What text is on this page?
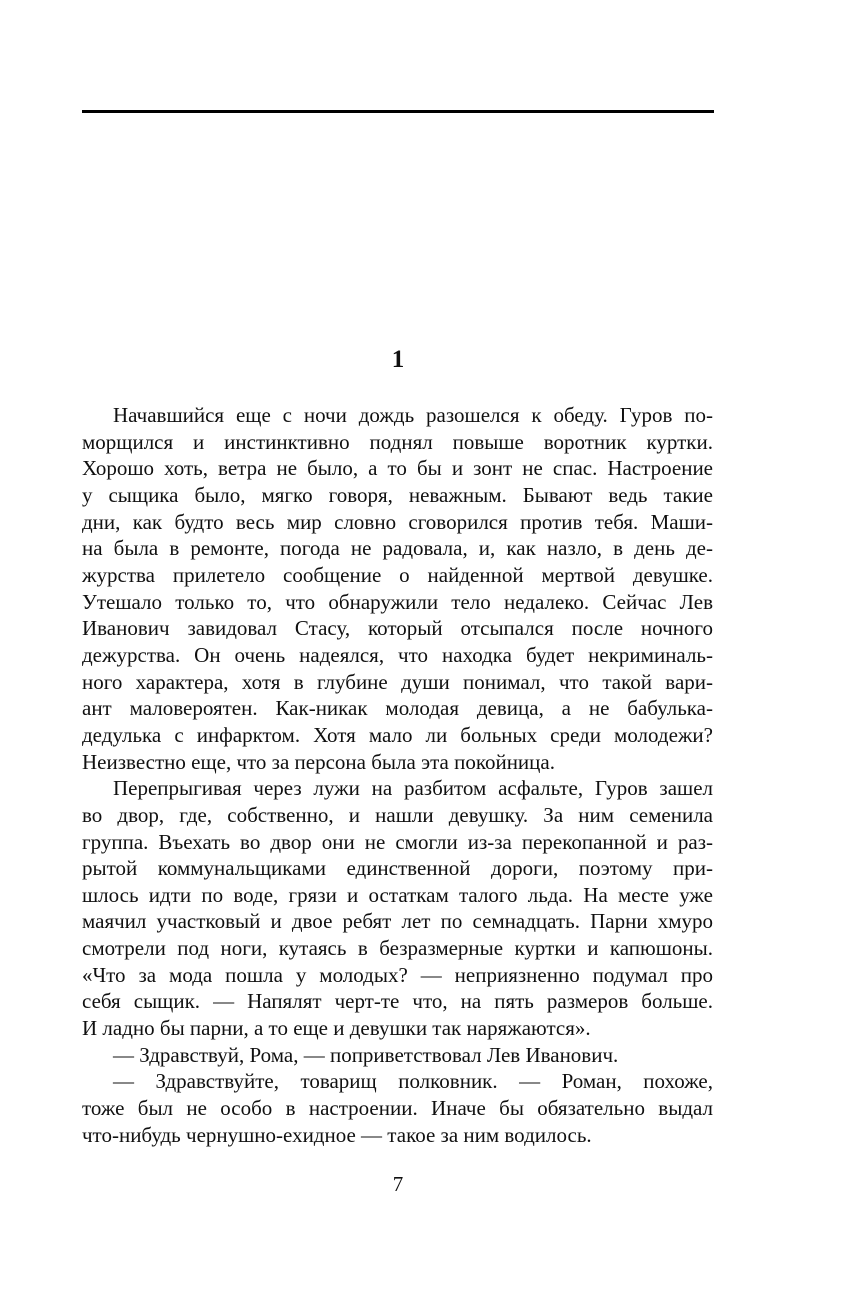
1
Начавшийся еще с ночи дождь разошелся к обеду. Гуров по-
морщился и инстинктивно поднял повыше воротник куртки.
Хорошо хоть, ветра не было, а то бы и зонт не спас. Настроение
у сыщика было, мягко говоря, неважным. Бывают ведь такие
дни, как будто весь мир словно сговорился против тебя. Маши-
на была в ремонте, погода не радовала, и, как назло, в день де-
журства прилетело сообщение о найденной мертвой девушке.
Утешало только то, что обнаружили тело недалеко. Сейчас Лев
Иванович завидовал Стасу, который отсыпался после ночного
дежурства. Он очень надеялся, что находка будет некриминаль-
ного характера, хотя в глубине души понимал, что такой вари-
ант маловероятен. Как-никак молодая девица, а не бабулька-
дедулька с инфарктом. Хотя мало ли больных среди молодежи?
Неизвестно еще, что за персона была эта покойница.
Перепрыгивая через лужи на разбитом асфальте, Гуров зашел
во двор, где, собственно, и нашли девушку. За ним семенила
группа. Въехать во двор они не смогли из-за перекопанной и раз-
рытой коммунальщиками единственной дороги, поэтому при-
шлось идти по воде, грязи и остаткам талого льда. На месте уже
маячил участковый и двое ребят лет по семнадцать. Парни хмуро
смотрели под ноги, кутаясь в безразмерные куртки и капюшоны.
«Что за мода пошла у молодых? — неприязненно подумал про
себя сыщик. — Напялят черт-те что, на пять размеров больше.
И ладно бы парни, а то еще и девушки так наряжаются».
— Здравствуй, Рома, — поприветствовал Лев Иванович.
— Здравствуйте, товарищ полковник. — Роман, похоже,
тоже был не особо в настроении. Иначе бы обязательно выдал
что-нибудь чернушно-ехидное — такое за ним водилось.
7
